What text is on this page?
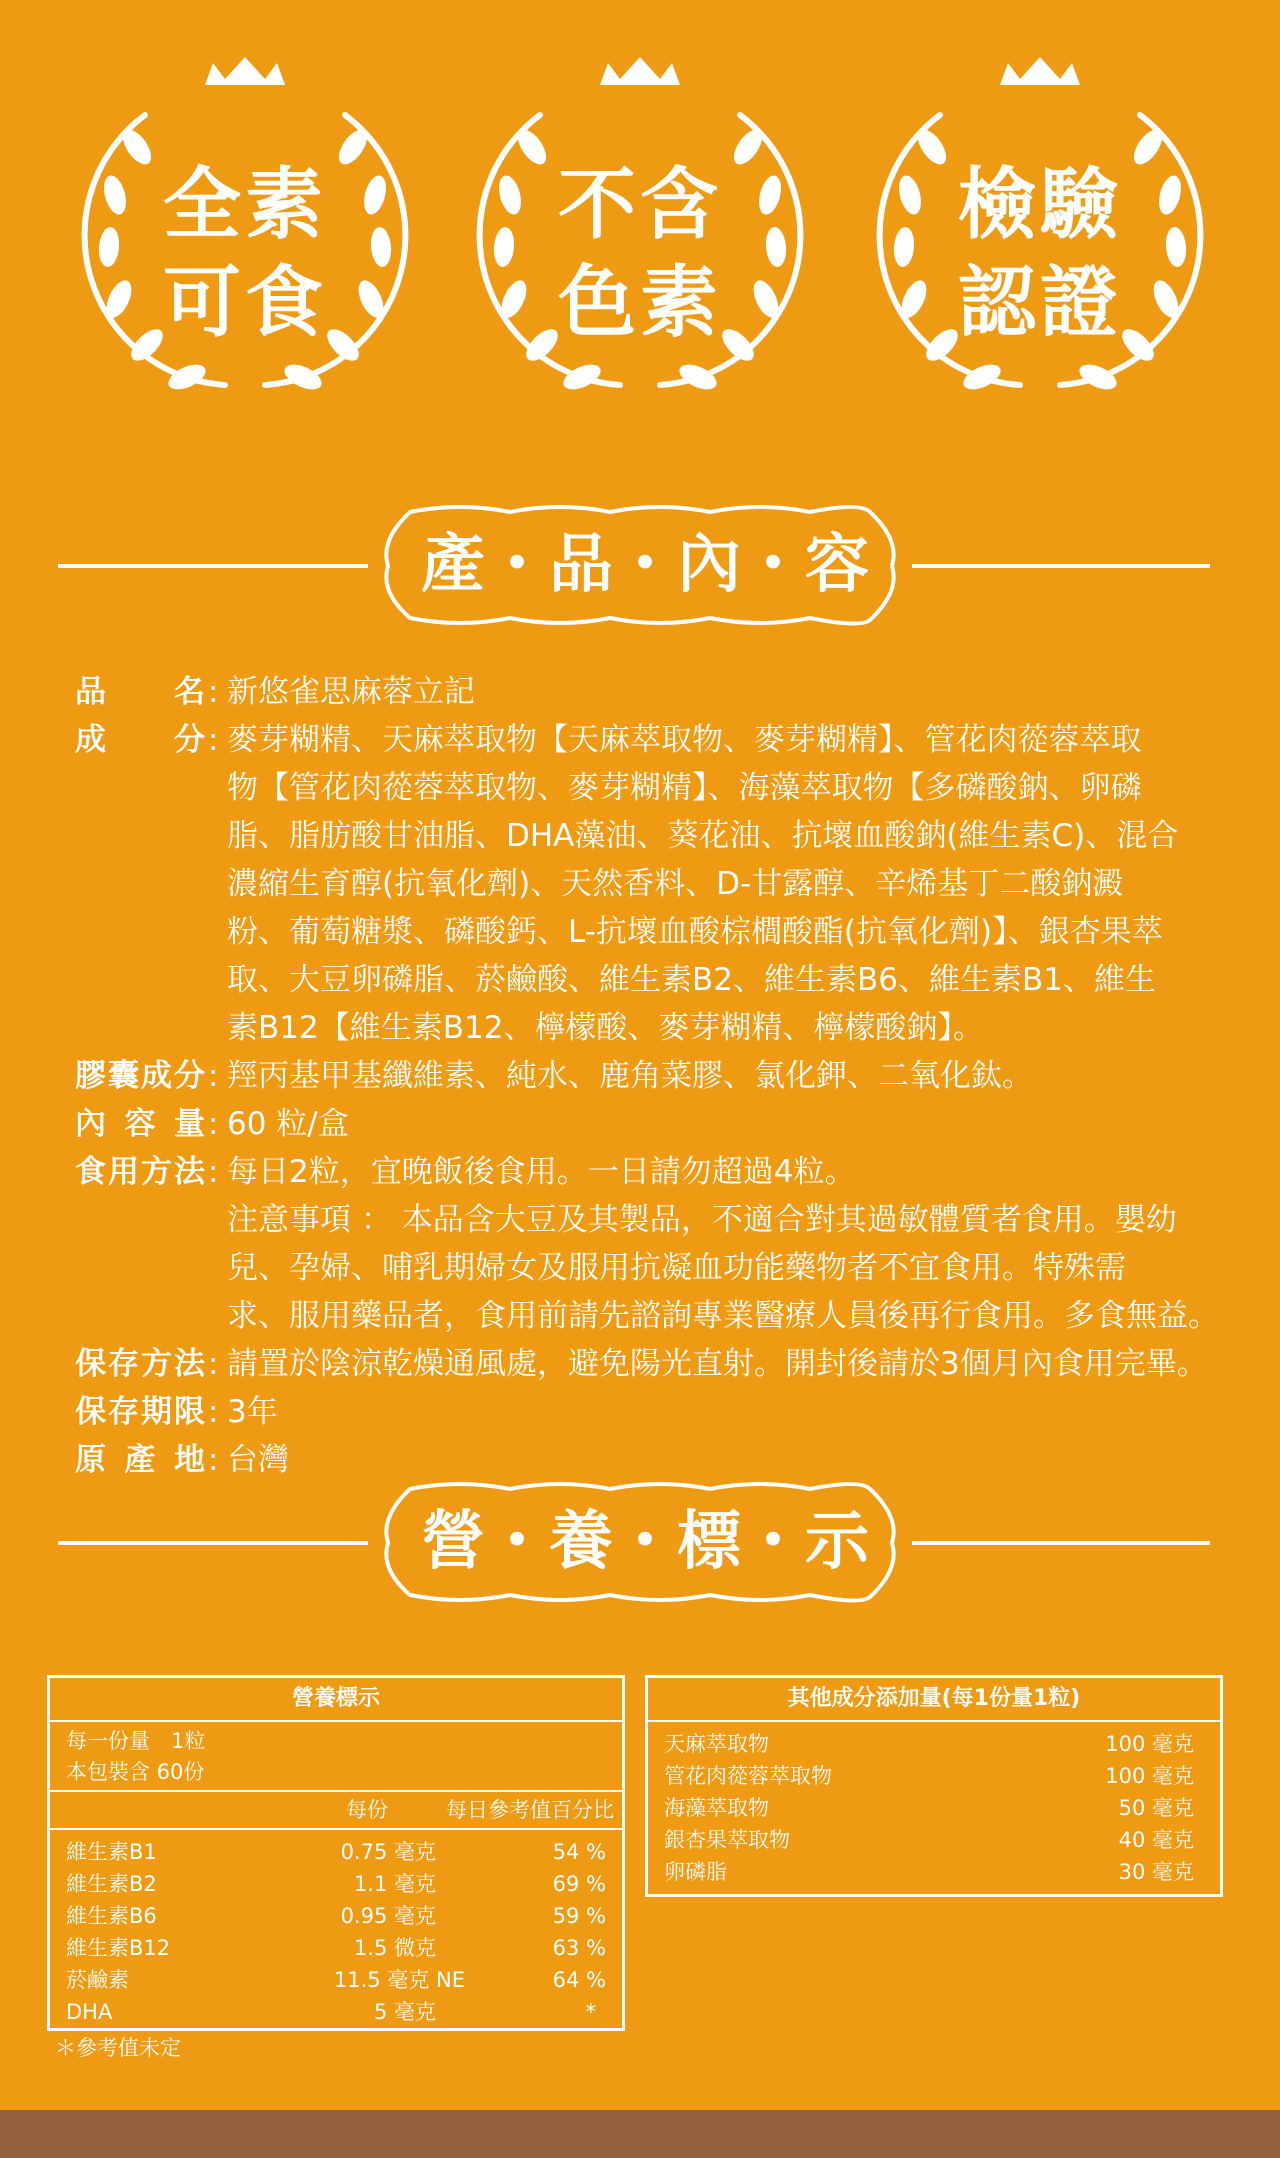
全素
可食
不含
色素
檢驗
認證
產・品・內・容
品　名 : 新悠雀思麻蓉立記
成　分 : 麥芽糊精、天麻萃取物【天麻萃取物、麥芽糊精】、管花肉蓯蓉萃取
物【管花肉蓯蓉萃取物、麥芽糊精】、海藻萃取物【多磷酸鈉、卵磷
脂、脂肪酸甘油脂、DHA藻油、葵花油、抗壞血酸鈉(維生素C)、混合
濃縮生育醇(抗氧化劑)、天然香料、D-甘露醇、辛烯基丁二酸鈉澱
粉、葡萄糖漿、磷酸鈣、L-抗壞血酸棕櫚酸酯(抗氧化劑)】、銀杏果萃
取、大豆卵磷脂、菸鹼酸、維生素B2、維生素B6、維生素B1、維生
素B12【維生素B12、檸檬酸、麥芽糊精、檸檬酸鈉】。
膠囊成分 : 羥丙基甲基纖維素、純水、鹿角菜膠、氯化鉀、二氧化鈦。
內容量 : 60 粒/盒
食用方法 : 每日2粒，宜晚飯後食用。一日請勿超過4粒。
注意事項 ： 本品含大豆及其製品，不適合對其過敏體質者食用。嬰幼
兒、孕婦、哺乳期婦女及服用抗凝血功能藥物者不宜食用。特殊需
求、服用藥品者，食用前請先諮詢專業醫療人員後再行食用。多食無益。
保存方法 : 請置於陰涼乾燥通風處，避免陽光直射。開封後請於3個月內食用完畢。
保存期限 : 3年
原產地 : 台灣
營・養・標・示
營養標示
每一份量　1粒
本包裝含 60份
每份	每日參考值百分比
維生素B1	0.75 毫克	54 %
維生素B2	1.1 毫克	69 %
維生素B6	0.95 毫克	59 %
維生素B12	1.5 微克	63 %
菸鹼素	11.5 毫克 NE	64 %
DHA	5 毫克	*
＊參考值未定
其他成分添加量(每1份量1粒)
天麻萃取物	100 毫克
管花肉蓯蓉萃取物	100 毫克
海藻萃取物	50 毫克
銀杏果萃取物	40 毫克
卵磷脂	30 毫克
